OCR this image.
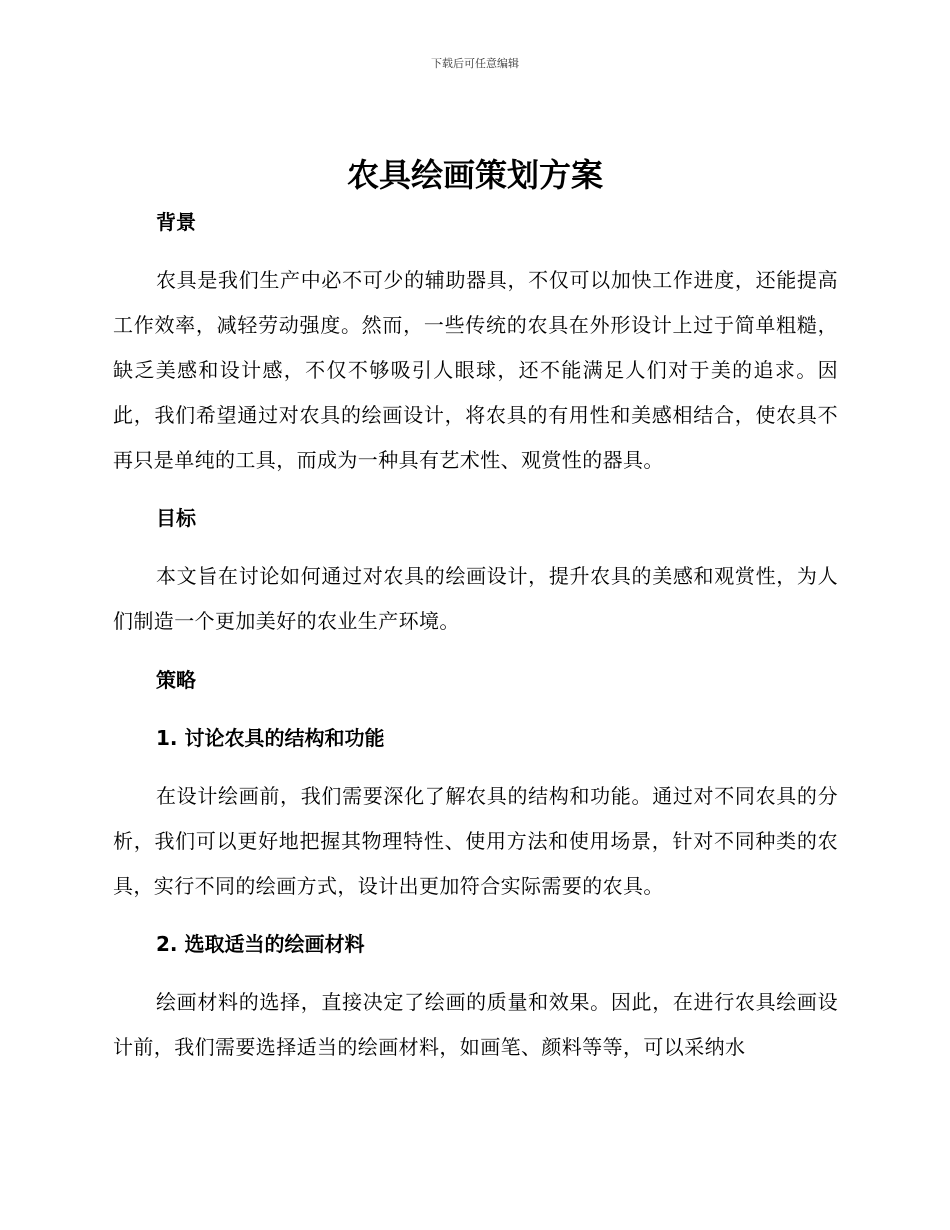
下载后可任意编辑
农具绘画策划方案

背景

农具是我们生产中必不可少的辅助器具，不仅可以加快工作进度，还能提高工作效率，减轻劳动强度。然而，一些传统的农具在外形设计上过于简单粗糙，缺乏美感和设计感，不仅不够吸引人眼球，还不能满足人们对于美的追求。因此，我们希望通过对农具的绘画设计，将农具的有用性和美感相结合，使农具不再只是单纯的工具，而成为一种具有艺术性、观赏性的器具。

目标

本文旨在讨论如何通过对农具的绘画设计，提升农具的美感和观赏性，为人们制造一个更加美好的农业生产环境。

策略

1. 讨论农具的结构和功能

在设计绘画前，我们需要深化了解农具的结构和功能。通过对不同农具的分析，我们可以更好地把握其物理特性、使用方法和使用场景，针对不同种类的农具，实行不同的绘画方式，设计出更加符合实际需要的农具。

2. 选取适当的绘画材料

绘画材料的选择，直接决定了绘画的质量和效果。因此，在进行农具绘画设计前，我们需要选择适当的绘画材料，如画笔、颜料等等，可以采纳水
